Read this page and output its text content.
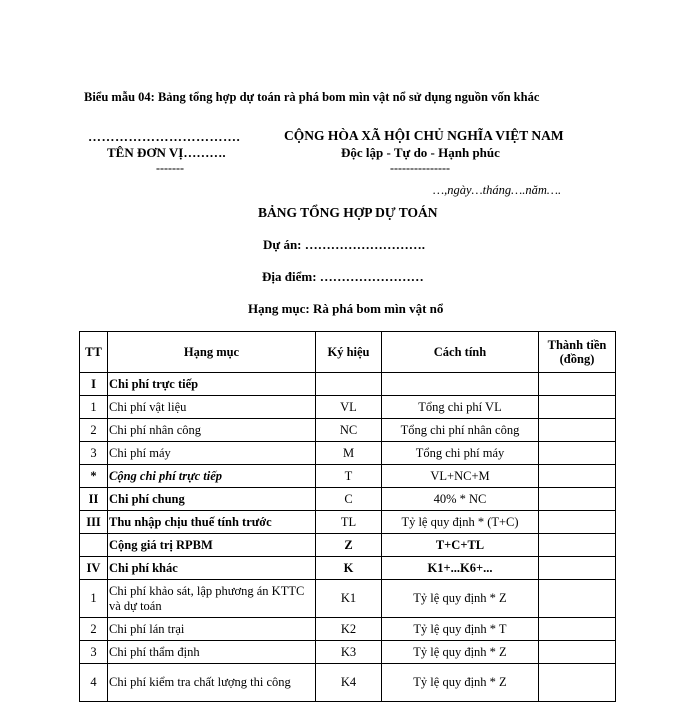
Biểu mẫu 04: Bảng tổng hợp dự toán rà phá bom mìn vật nổ sử dụng nguồn vốn khác
…………………………….
TÊN ĐƠN VỊ……….
-------
CỘNG HÒA XÃ HỘI CHỦ NGHĨA VIỆT NAM
Độc lập - Tự do - Hạnh phúc
---------------
…,ngày…tháng….năm….
BẢNG TỔNG HỢP DỰ TOÁN
Dự án: ……………………….
Địa điểm: ……………………
Hạng mục: Rà phá bom mìn vật nổ
TT	Hạng mục	Ký hiệu	Cách tính	Thành tiền (đồng)
I	Chi phí trực tiếp			
1	Chi phí vật liệu	VL	Tổng chi phí VL	
2	Chi phí nhân công	NC	Tổng chi phí nhân công	
3	Chi phí máy	M	Tổng chi phí máy	
*	Cộng chi phí trực tiếp	T	VL+NC+M	
II	Chi phí chung	C	40% * NC	
III	Thu nhập chịu thuế tính trước	TL	Tỷ lệ quy định * (T+C)	
	Cộng giá trị RPBM	Z	T+C+TL	
IV	Chi phí khác	K	K1+...K6+...	
1	Chi phí khảo sát, lập phương án KTTC và dự toán	K1	Tỷ lệ quy định * Z	
2	Chi phí lán trại	K2	Tỷ lệ quy định * T	
3	Chi phí thẩm định	K3	Tỷ lệ quy định * Z	
4	Chi phí kiểm tra chất lượng thi công	K4	Tỷ lệ quy định * Z	
